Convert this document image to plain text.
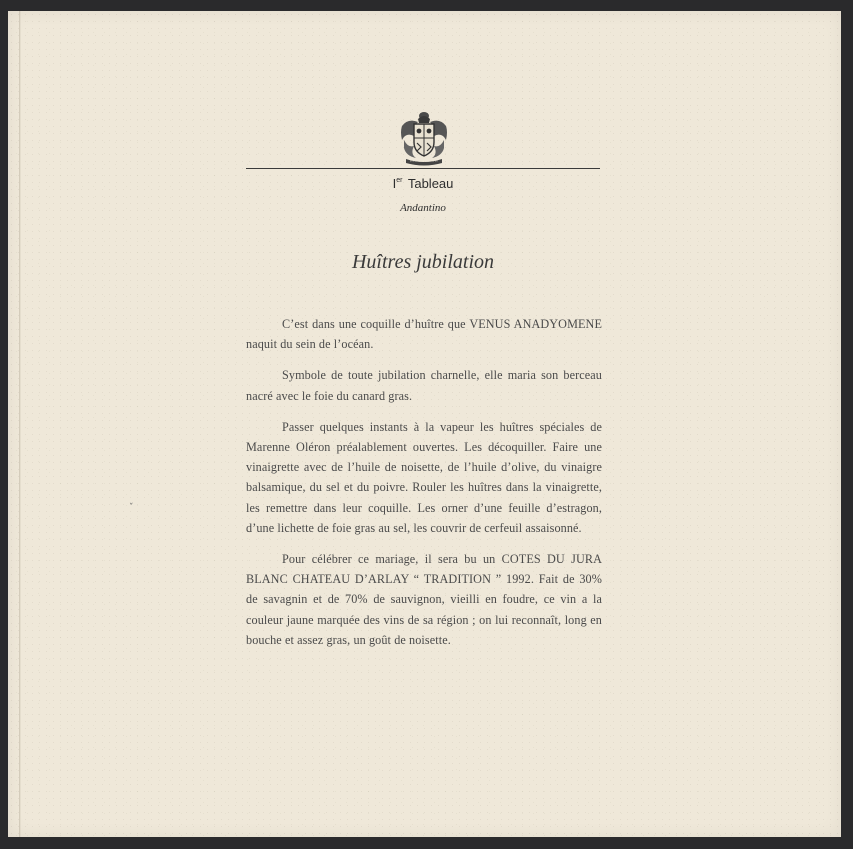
Ier Tableau
Andantino
Huîtres jubilation

C’est dans une coquille d’huître que VENUS ANADYOMENE naquit du sein de l’océan.

Symbole de toute jubilation charnelle, elle maria son berceau nacré avec le foie du canard gras.

Passer quelques instants à la vapeur les huîtres spéciales de Marenne Oléron préalablement ouvertes. Les décoquiller. Faire une vinaigrette avec de l’huile de noisette, de l’huile d’olive, du vinaigre balsamique, du sel et du poivre. Rouler les huîtres dans la vinaigrette, les remettre dans leur coquille. Les orner d’une feuille d’estragon, d’une lichette de foie gras au sel, les couvrir de cerfeuil assaisonné.

Pour célébrer ce mariage, il sera bu un COTES DU JURA BLANC CHATEAU D’ARLAY “ TRADITION ” 1992. Fait de 30% de savagnin et de 70% de sauvignon, vieilli en foudre, ce vin a la couleur jaune marquée des vins de sa région ; on lui reconnaît, long en bouche et assez gras, un goût de noisette.

ˇ
